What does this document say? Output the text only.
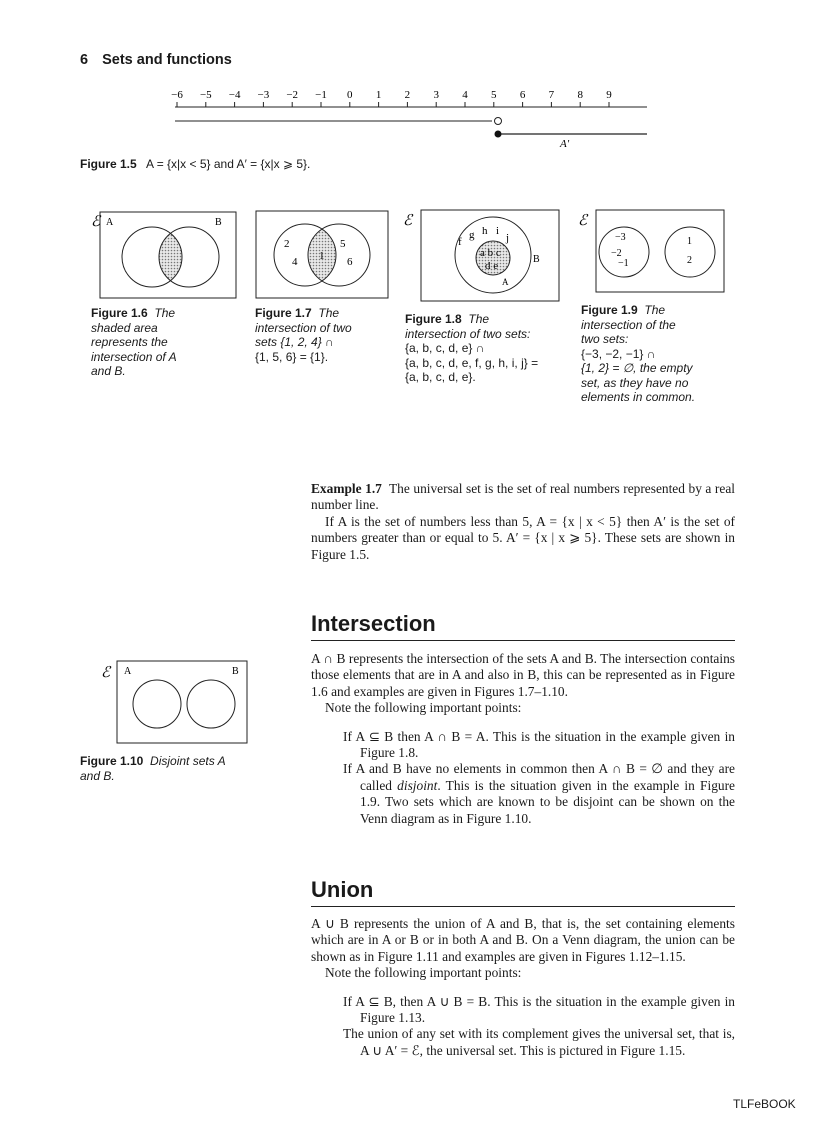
6 Sets and functions
−6 −5 −4 −3 −2 −1 0 1 2 3 4 5 6 7 8 9
A′
Figure 1.5 A = {x|x < 5} and A′ = {x|x ⩾ 5}.
ℰ A	B
Figure 1.6 The
shaded area
represents the
intersection of A
and B.
2
4 1
5
6
Figure 1.7 The
intersection of two
sets {1, 2, 4} ∩
{1, 5, 6} = {1}.
ℰ
f
g h i
j
a b c
d e
A
B
Figure 1.8 The
intersection of two sets:
{a, b, c, d, e} ∩
{a, b, c, d, e, f, g, h, i, j} =
{a, b, c, d, e}.
ℰ
−3
−2
−1
1
2
Figure 1.9 The
intersection of the
two sets:
{−3, −2, −1} ∩
{1, 2} = ∅, the empty
set, as they have no
elements in common.
Example 1.7 The universal set is the set of real numbers represented by a real number line.
If A is the set of numbers less than 5, A = {x | x < 5} then A′ is the set of numbers greater than or equal to 5. A′ = {x | x ⩾ 5}. These sets are shown in Figure 1.5.
Intersection
A ∩ B represents the intersection of the sets A and B. The intersection contains those elements that are in A and also in B, this can be represented as in Figure 1.6 and examples are given in Figures 1.7–1.10.
Note the following important points:
If A ⊆ B then A ∩ B = A. This is the situation in the example given in Figure 1.8.
If A and B have no elements in common then A ∩ B = ∅ and they are called disjoint. This is the situation given in the example in Figure 1.9. Two sets which are known to be disjoint can be shown on the Venn diagram as in Figure 1.10.
ℰ A	B
Figure 1.10 Disjoint sets A
and B.
Union
A ∪ B represents the union of A and B, that is, the set containing elements which are in A or B or in both A and B. On a Venn diagram, the union can be shown as in Figure 1.11 and examples are given in Figures 1.12–1.15.
Note the following important points:
If A ⊆ B, then A ∪ B = B. This is the situation in the example given in Figure 1.13.
The union of any set with its complement gives the universal set, that is, A ∪ A′ = ℰ, the universal set. This is pictured in Figure 1.15.
TLFeBOOK
